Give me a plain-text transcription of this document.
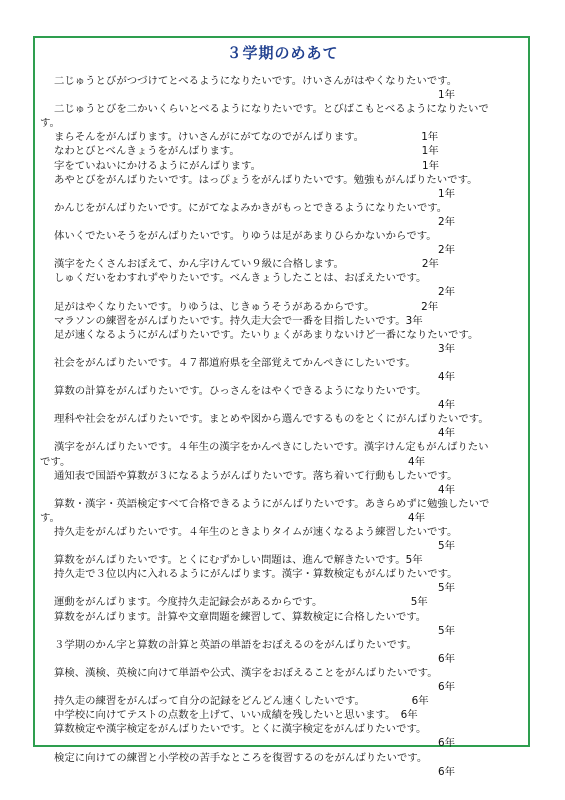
３学期のめあて
二じゅうとびがつづけてとべるようになりたいです。けいさんがはやくなりたいです。
1年
二じゅうとびを二かいくらいとべるようになりたいです。とびばこもとべるようになりたいで
す。
まらそんをがんばります。けいさんがにがてなのでがんばります。　　　　　　1年
なわとびとべんきょうをがんばります。　　　　　　　　　　　　　　　　　　1年
字をていねいにかけるようにがんばります。　　　　　　　　　　　　　　　　1年
あやとびをがんばりたいです。はっぴょうをがんばりたいです。勉強もがんばりたいです。
1年
かんじをがんばりたいです。にがてなよみかきがもっとできるようになりたいです。
2年
体いくでたいそうをがんばりたいです。りゆうは足があまりひらかないからです。
2年
漢字をたくさんおぼえて、かん字けんてい９級に合格します。　　　　　　　　2年
しゅくだいをわすれずやりたいです。べんきょうしたことは、おぼえたいです。
2年
足がはやくなりたいです。りゆうは、じきゅうそうがあるからです。　　　　　2年
マラソンの練習をがんばりたいです。持久走大会で一番を目指したいです。3年
足が速くなるようにがんばりたいです。たいりょくがあまりないけど一番になりたいです。
3年
社会をがんばりたいです。４７都道府県を全部覚えてかんぺきにしたいです。
4年
算数の計算をがんばりたいです。ひっさんをはやくできるようになりたいです。
4年
理科や社会をがんばりたいです。まとめや図から選んでするものをとくにがんばりたいです。
4年
漢字をがんばりたいです。４年生の漢字をかんぺきにしたいです。漢字けん定もがんばりたい
です。　　　　　　　　　　　　　　　　　　　　　　　　　　　　　　　　　4年
通知表で国語や算数が３になるようがんばりたいです。落ち着いて行動もしたいです。
4年
算数・漢字・英語検定すべて合格できるようにがんばりたいです。あきらめずに勉強したいで
す。　　　　　　　　　　　　　　　　　　　　　　　　　　　　　　　　　　4年
持久走をがんばりたいです。４年生のときよりタイムが速くなるよう練習したいです。
5年
算数をがんばりたいです。とくにむずかしい問題は、進んで解きたいです。5年
持久走で３位以内に入れるようにがんばります。漢字・算数検定もがんばりたいです。
5年
運動をがんばります。今度持久走記録会があるからです。　　　　　　　　　5年
算数をがんばります。計算や文章問題を練習して、算数検定に合格したいです。
5年
３学期のかん字と算数の計算と英語の単語をおぼえるのをがんばりたいです。
6年
算検、漢検、英検に向けて単語や公式、漢字をおぼえることをがんばりたいです。
6年
持久走の練習をがんばって自分の記録をどんどん速くしたいです。　　　　　6年
中学校に向けてテストの点数を上げて、いい成績を残したいと思います。　6年
算数検定や漢字検定をがんばりたいです。とくに漢字検定をがんばりたいです。
6年
検定に向けての練習と小学校の苦手なところを復習するのをがんばりたいです。
6年
